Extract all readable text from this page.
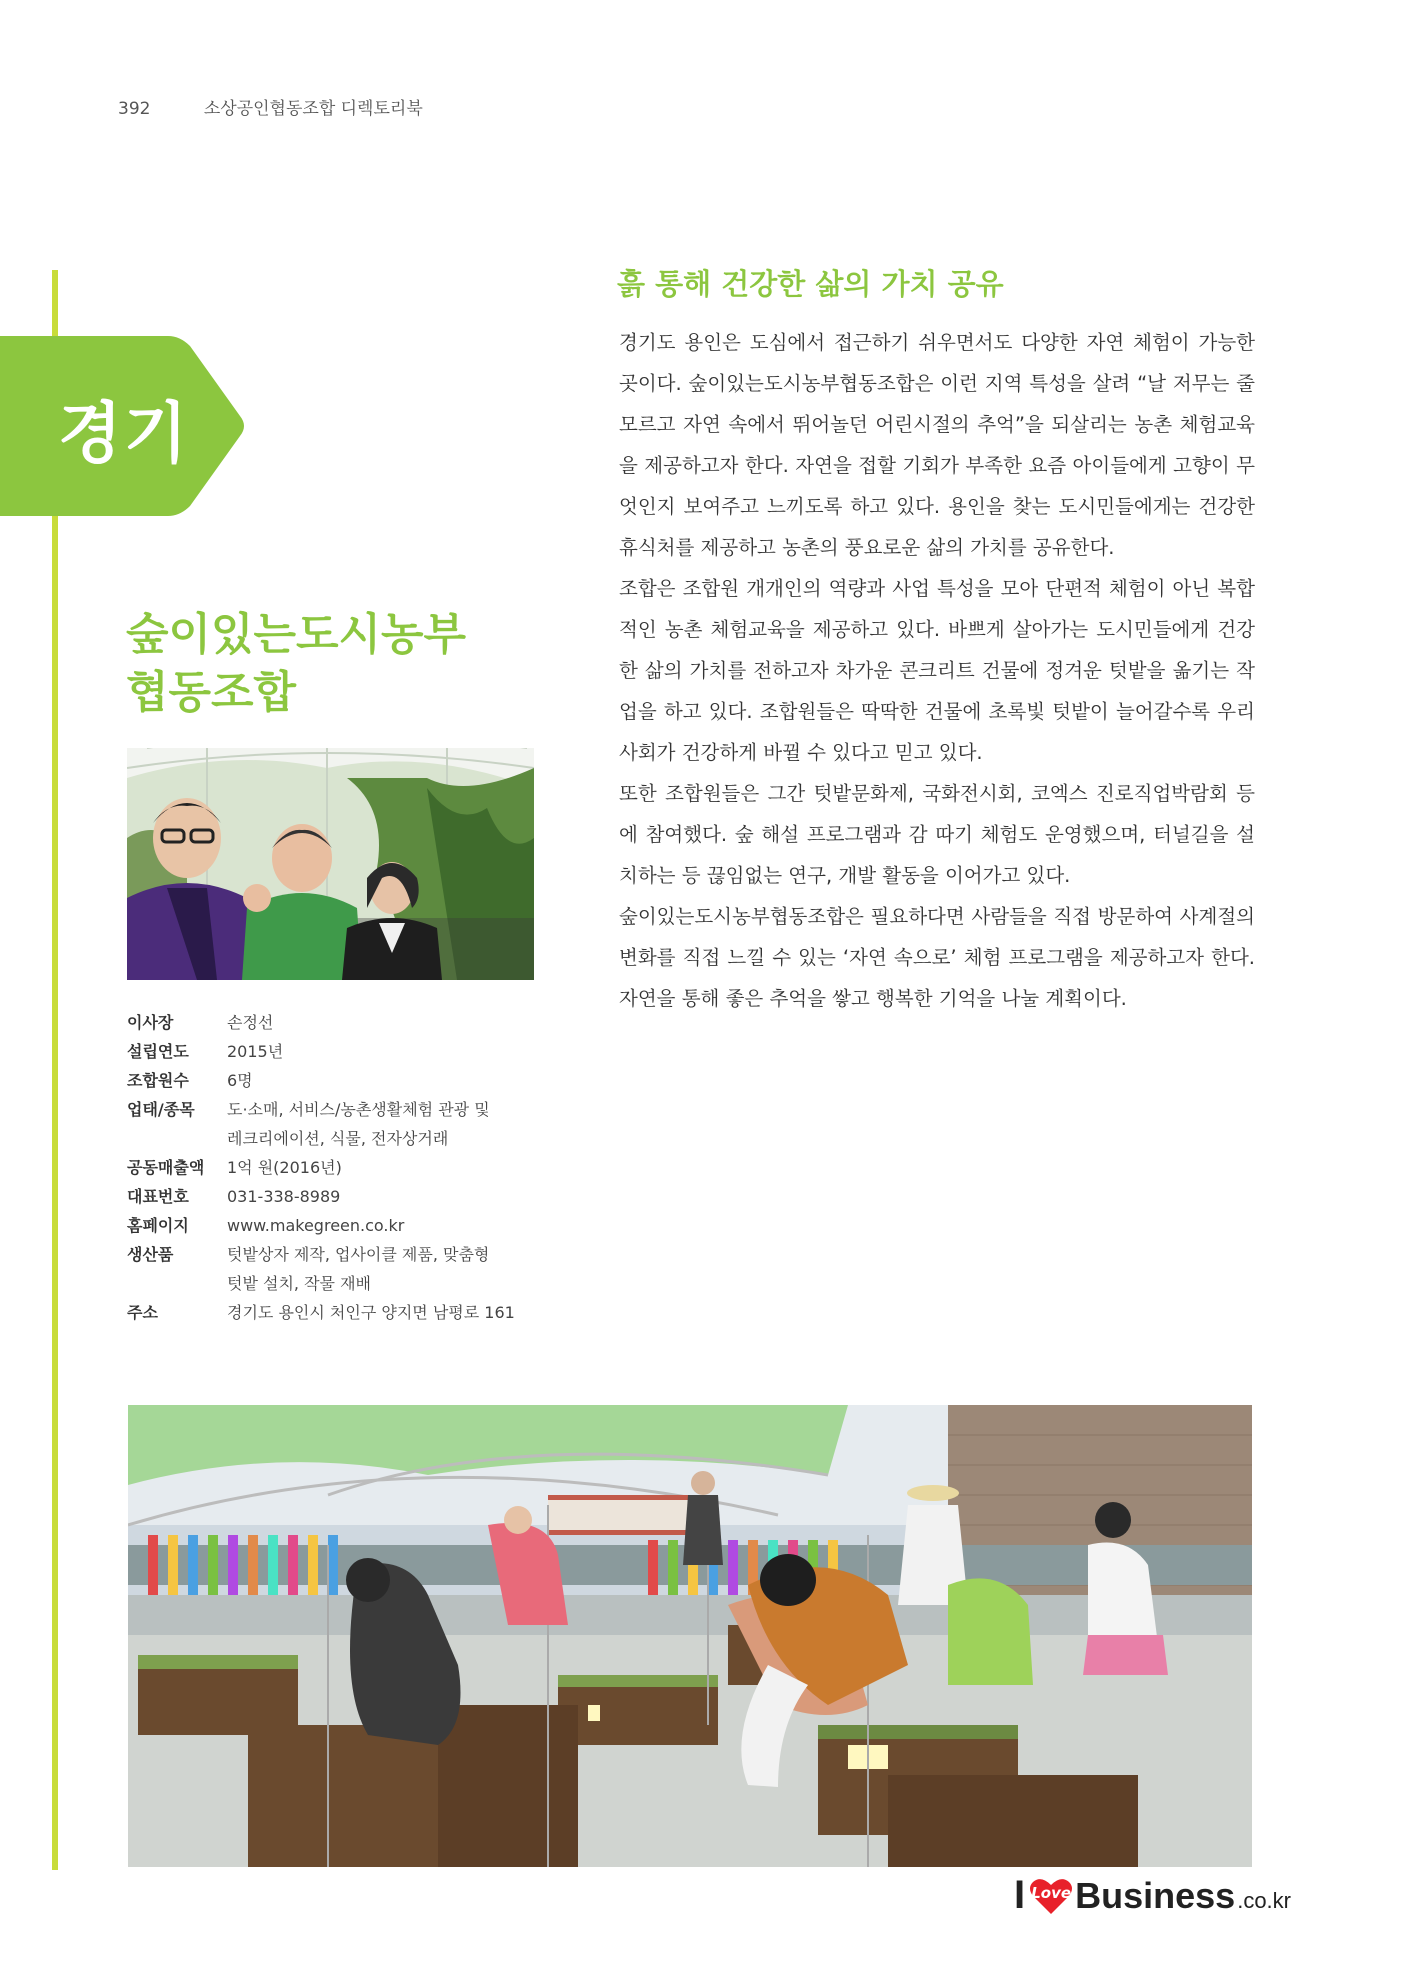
392	소상공인협동조합 디렉토리북
경기
숲이있는도시농부
협동조합
이사장	손정선
설립연도	2015년
조합원수	6명
업태/종목	도·소매, 서비스/농촌생활체험 관광 및
레크리에이션, 식물, 전자상거래
공동매출액	1억 원(2016년)
대표번호	031-338-8989
홈페이지	www.makegreen.co.kr
생산품	텃밭상자 제작, 업사이클 제품, 맞춤형
텃밭 설치, 작물 재배
주소	경기도 용인시 처인구 양지면 남평로 161
흙 통해 건강한 삶의 가치 공유

경기도 용인은 도심에서 접근하기 쉬우면서도 다양한 자연 체험이 가능한 곳이다. 숲이있는도시농부협동조합은 이런 지역 특성을 살려 “날 저무는 줄 모르고 자연 속에서 뛰어놀던 어린시절의 추억”을 되살리는 농촌 체험교육을 제공하고자 한다. 자연을 접할 기회가 부족한 요즘 아이들에게 고향이 무엇인지 보여주고 느끼도록 하고 있다. 용인을 찾는 도시민들에게는 건강한 휴식처를 제공하고 농촌의 풍요로운 삶의 가치를 공유한다.

조합은 조합원 개개인의 역량과 사업 특성을 모아 단편적 체험이 아닌 복합적인 농촌 체험교육을 제공하고 있다. 바쁘게 살아가는 도시민들에게 건강한 삶의 가치를 전하고자 차가운 콘크리트 건물에 정겨운 텃밭을 옮기는 작업을 하고 있다. 조합원들은 딱딱한 건물에 초록빛 텃밭이 늘어갈수록 우리 사회가 건강하게 바뀔 수 있다고 믿고 있다.

또한 조합원들은 그간 텃밭문화제, 국화전시회, 코엑스 진로직업박람회 등에 참여했다. 숲 해설 프로그램과 감 따기 체험도 운영했으며, 터널길을 설치하는 등 끊임없는 연구, 개발 활동을 이어가고 있다.

숲이있는도시농부협동조합은 필요하다면 사람들을 직접 방문하여 사계절의 변화를 직접 느낄 수 있는 ‘자연 속으로’ 체험 프로그램을 제공하고자 한다. 자연을 통해 좋은 추억을 쌓고 행복한 기억을 나눌 계획이다.

I Love Business .co.kr
